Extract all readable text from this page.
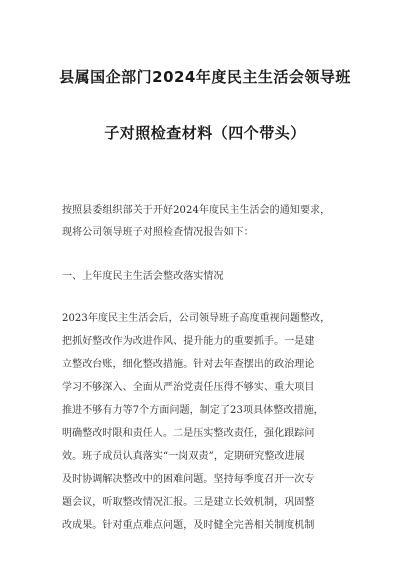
县属国企部门2024年度民主生活会领导班
子对照检查材料（四个带头）
按照县委组织部关于开好2024年度民主生活会的通知要求，
现将公司领导班子对照检查情况报告如下：
一、上年度民主生活会整改落实情况
2023年度民主生活会后，公司领导班子高度重视问题整改，
把抓好整改作为改进作风、提升能力的重要抓手。一是建
立整改台账，细化整改措施。针对去年查摆出的政治理论
学习不够深入、全面从严治党责任压得不够实、重大项目
推进不够有力等7个方面问题，制定了23项具体整改措施，
明确整改时限和责任人。二是压实整改责任，强化跟踪问
效。班子成员认真落实“一岗双责”，定期研究整改进展
及时协调解决整改中的困难问题。坚持每季度召开一次专
题会议，听取整改情况汇报。三是建立长效机制，巩固整
改成果。针对重点难点问题，及时健全完善相关制度机制
